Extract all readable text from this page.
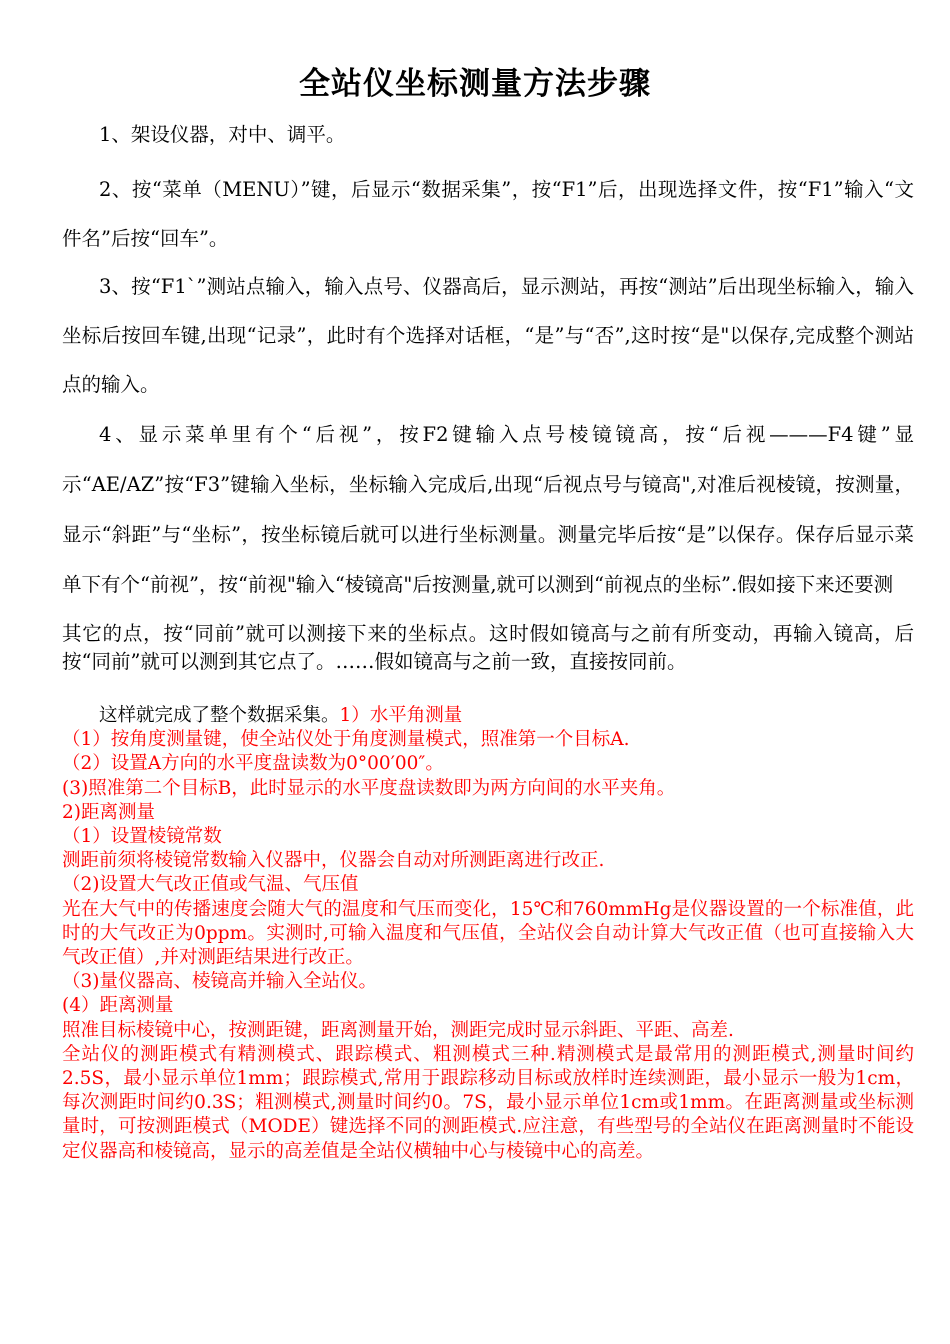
全站仪坐标测量方法步骤

1、架设仪器，对中、调平。

2、按“菜单（MENU）”键，后显示“数据采集”，按“F1”后，出现选择文件，按“F1”输入“文件名”后按“回车”。

3、按“F1`”测站点输入，输入点号、仪器高后，显示测站，再按“测站”后出现坐标输入，输入坐标后按回车键,出现“记录”，此时有个选择对话框，“是”与“否”,这时按“是"以保存,完成整个测站点的输入。

4、显示菜单里有个“后视”，按F2键输入点号棱镜镜高，按“后视———F4键”显示“AE/AZ”按“F3”键输入坐标，坐标输入完成后,出现“后视点号与镜高",对准后视棱镜，按测量，显示“斜距”与“坐标”，按坐标镜后就可以进行坐标测量。测量完毕后按“是”以保存。保存后显示菜单下有个“前视”，按“前视"输入“棱镜高"后按测量,就可以测到“前视点的坐标”.假如接下来还要测

其它的点，按“同前”就可以测接下来的坐标点。这时假如镜高与之前有所变动，再输入镜高，后按“同前”就可以测到其它点了。……假如镜高与之前一致，直接按同前。

这样就完成了整个数据采集。1）水平角测量

（1）按角度测量键，使全站仪处于角度测量模式，照准第一个目标A.

（2）设置A方向的水平度盘读数为0°00′00″。

(3)照准第二个目标B，此时显示的水平度盘读数即为两方向间的水平夹角。

2)距离测量

（1）设置棱镜常数

测距前须将棱镜常数输入仪器中，仪器会自动对所测距离进行改正.

（2)设置大气改正值或气温、气压值

光在大气中的传播速度会随大气的温度和气压而变化，15℃和760mmHg是仪器设置的一个标准值，此时的大气改正为0ppm。实测时,可输入温度和气压值，全站仪会自动计算大气改正值（也可直接输入大气改正值）,并对测距结果进行改正。

（3)量仪器高、棱镜高并输入全站仪。

(4）距离测量

照准目标棱镜中心，按测距键，距离测量开始，测距完成时显示斜距、平距、高差.

全站仪的测距模式有精测模式、跟踪模式、粗测模式三种.精测模式是最常用的测距模式,测量时间约2.5S，最小显示单位1mm；跟踪模式,常用于跟踪移动目标或放样时连续测距，最小显示一般为1cm，每次测距时间约0.3S；粗测模式,测量时间约0。7S，最小显示单位1cm或1mm。在距离测量或坐标测量时，可按测距模式（MODE）键选择不同的测距模式.应注意，有些型号的全站仪在距离测量时不能设定仪器高和棱镜高，显示的高差值是全站仪横轴中心与棱镜中心的高差。
